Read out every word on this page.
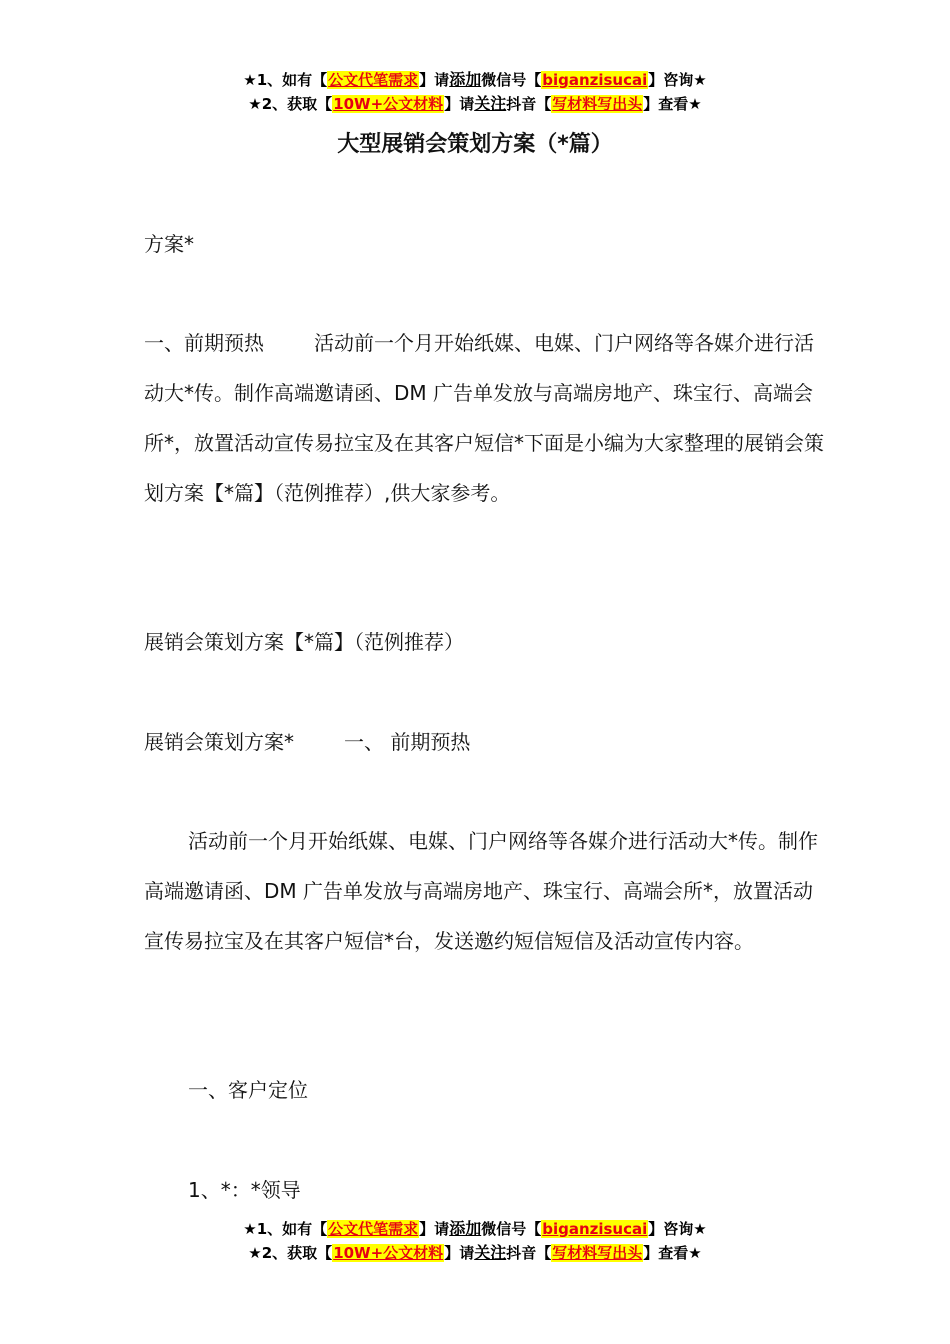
★1、如有【公文代笔需求】请添加微信号【biganzisucai】咨询★
★2、获取【10W+公文材料】请关注抖音【写材料写出头】查看★
大型展销会策划方案（*篇）

方案*

一、前期预热	活动前一个月开始纸媒、电媒、门户网络等各媒介进行活动大*传。制作高端邀请函、DM 广告单发放与高端房地产、珠宝行、高端会所*，放置活动宣传易拉宝及在其客户短信*下面是小编为大家整理的展销会策划方案【*篇】（范例推荐）,供大家参考。

展销会策划方案【*篇】（范例推荐）

展销会策划方案*	一、 前期预热

活动前一个月开始纸媒、电媒、门户网络等各媒介进行活动大*传。制作高端邀请函、DM 广告单发放与高端房地产、珠宝行、高端会所*，放置活动宣传易拉宝及在其客户短信*台，发送邀约短信短信及活动宣传内容。

一、客户定位

1、*：*领导

★1、如有【公文代笔需求】请添加微信号【biganzisucai】咨询★
★2、获取【10W+公文材料】请关注抖音【写材料写出头】查看★
